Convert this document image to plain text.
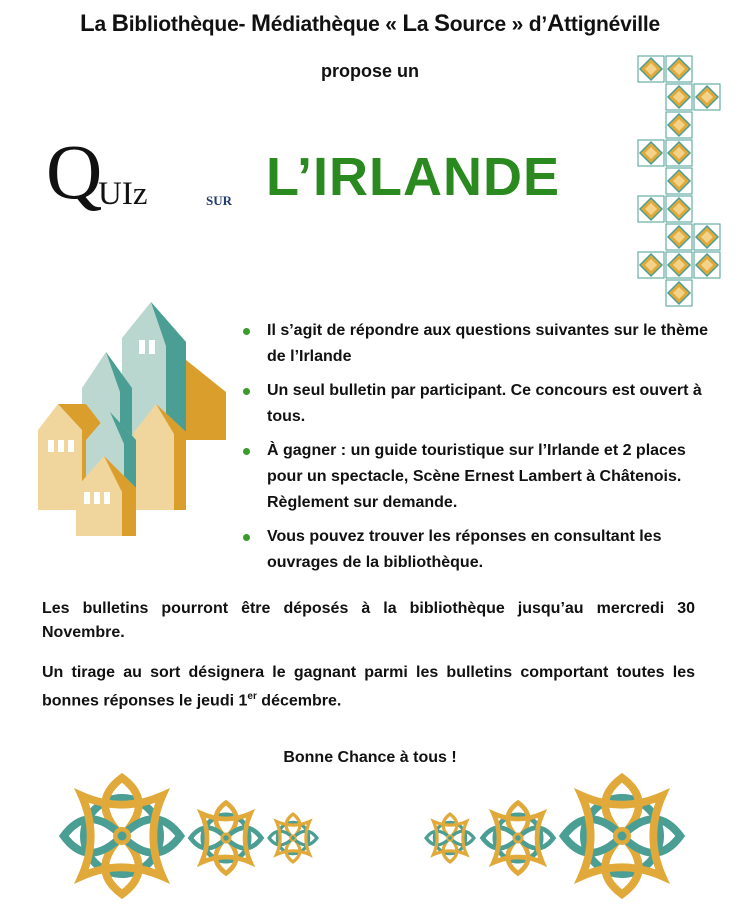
La Bibliothèque- Médiathèque « La Source » d’Attignéville
propose un
Q
UIz	sur L’IRLANDE
Il s’agit de répondre aux questions suivantes sur le thème de l’Irlande
Un seul bulletin par participant. Ce concours est ouvert à tous.
À gagner : un guide touristique sur l’Irlande et 2 places pour un spectacle, Scène Ernest Lambert à Châtenois. Règlement sur demande.
Vous pouvez trouver les réponses en consultant les ouvrages de la bibliothèque.
Les bulletins pourront être déposés à la bibliothèque jusqu’au mercredi 30 Novembre.
Un tirage au sort désignera le gagnant parmi les bulletins comportant toutes les bonnes réponses le jeudi 1er décembre.
Bonne Chance à tous !
